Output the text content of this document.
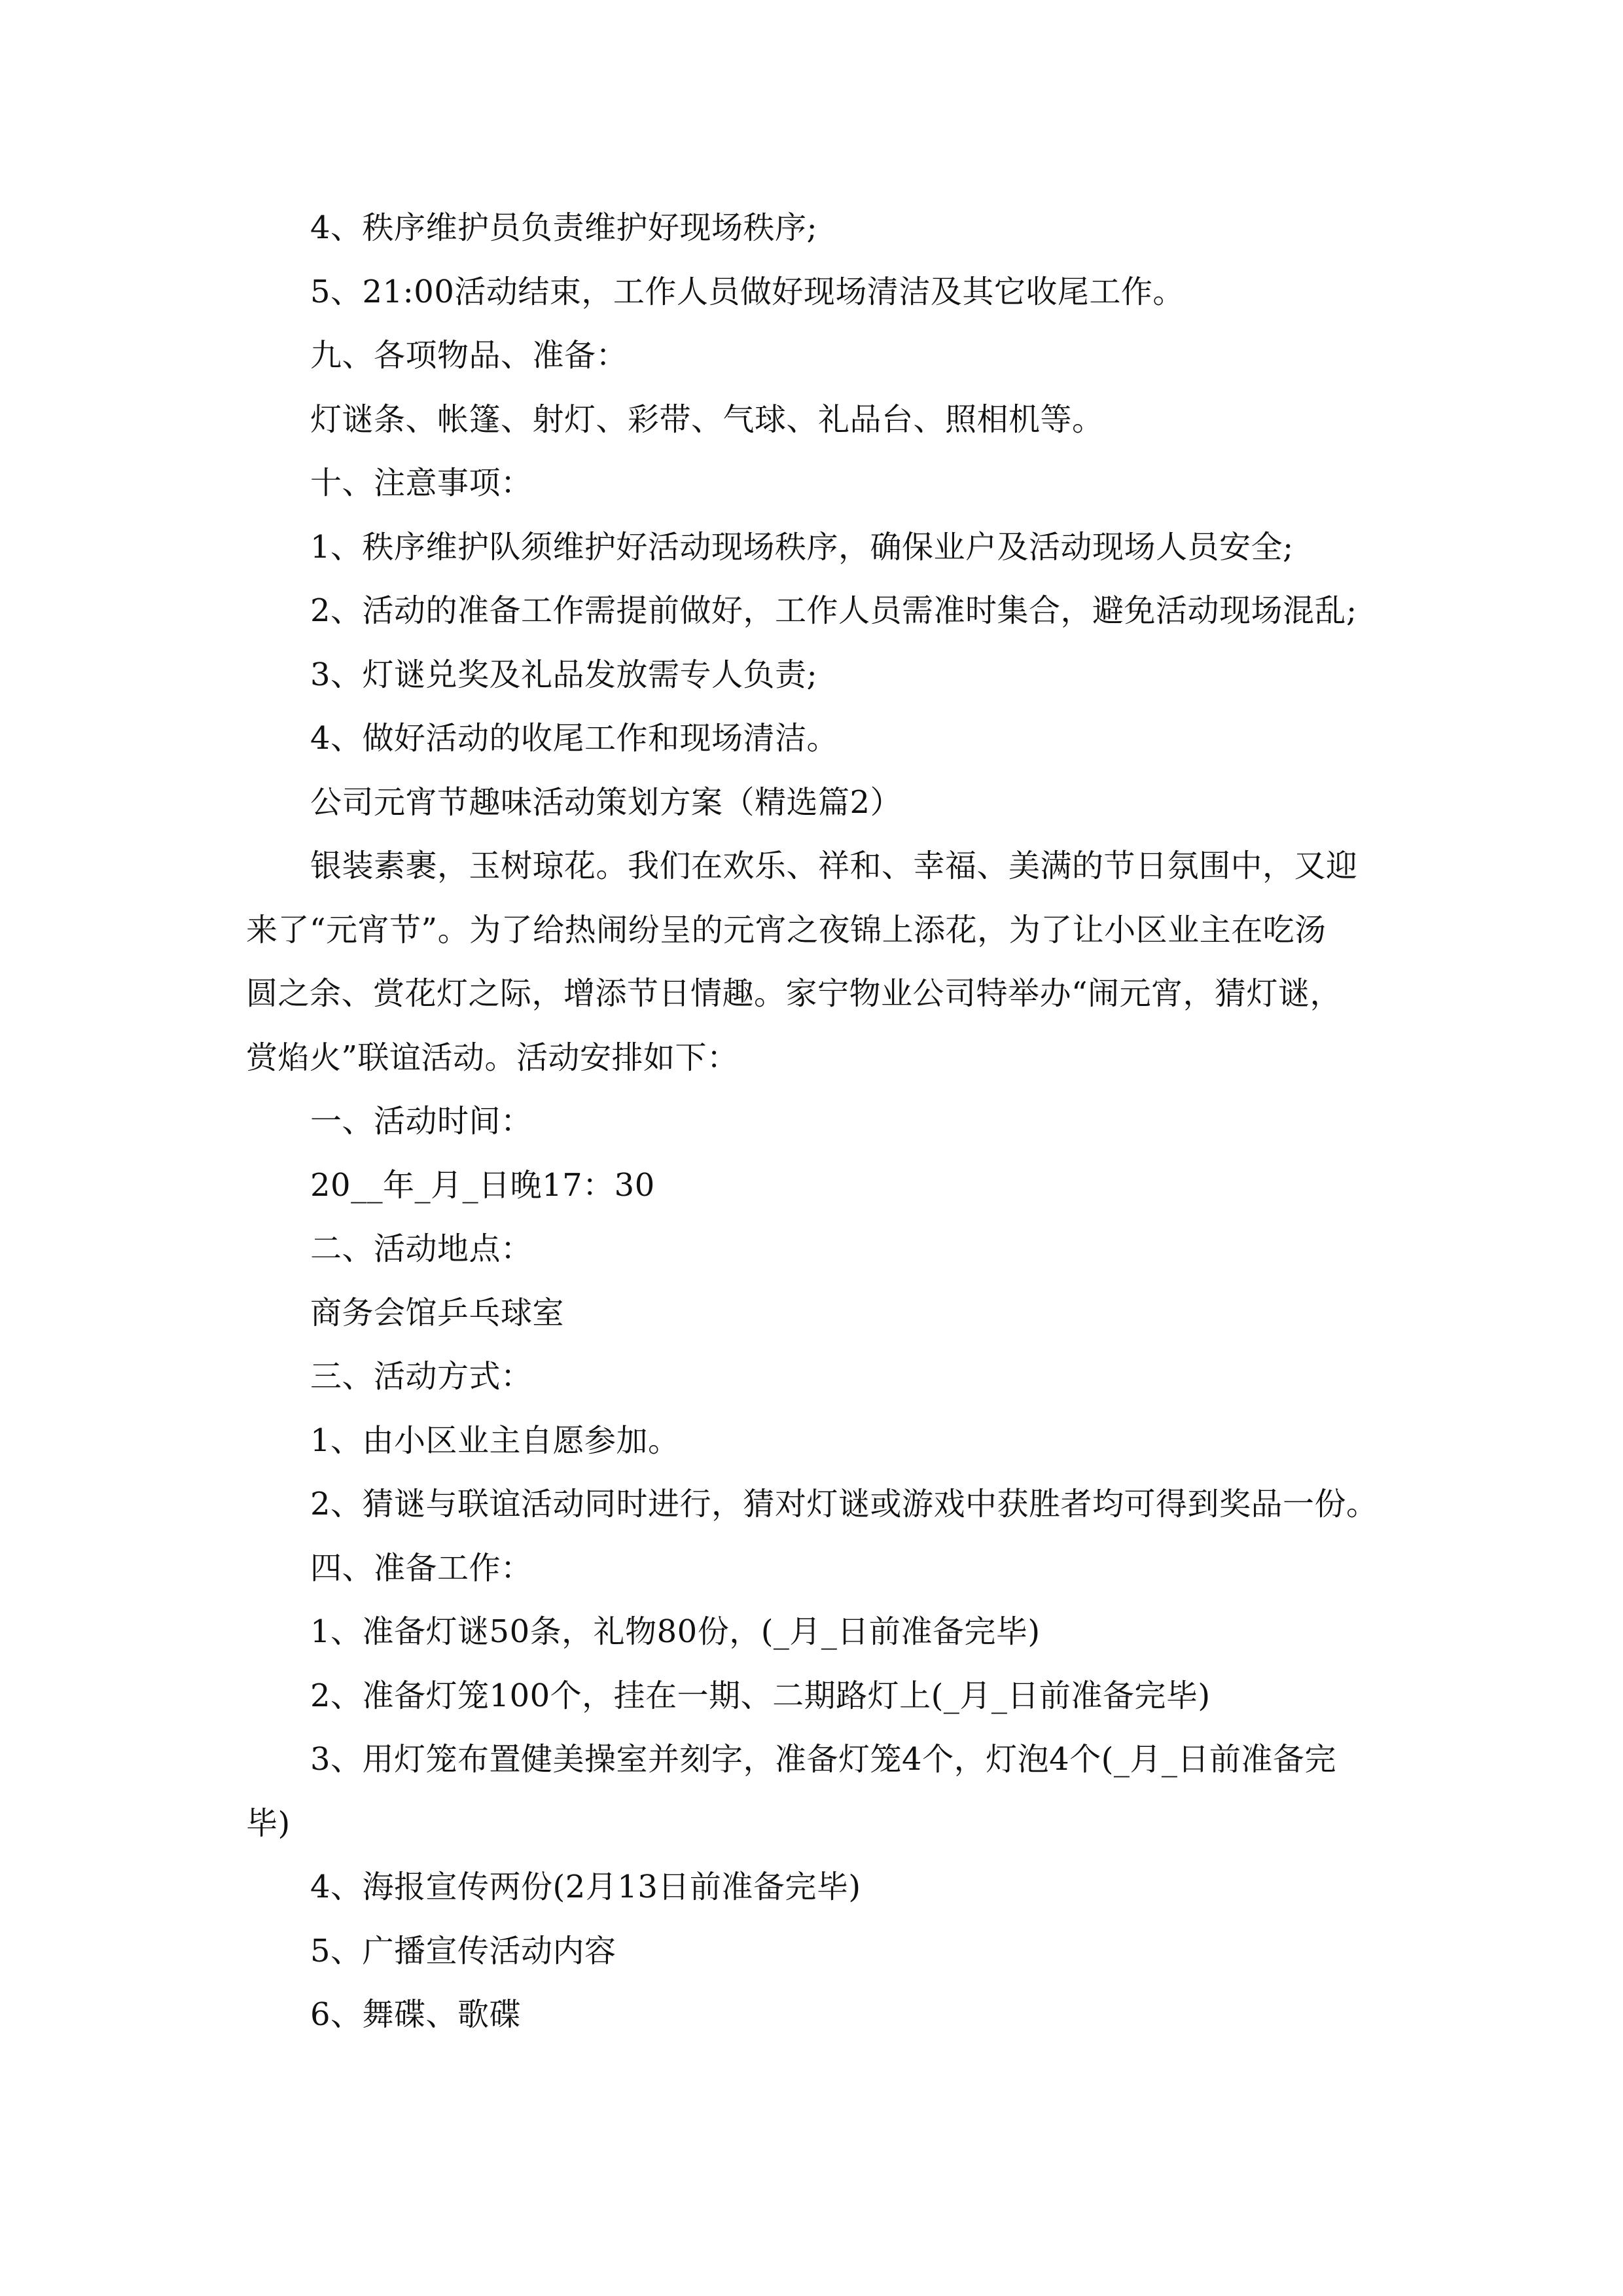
4、秩序维护员负责维护好现场秩序;
5、21:00活动结束，工作人员做好现场清洁及其它收尾工作。
九、各项物品、准备：
灯谜条、帐篷、射灯、彩带、气球、礼品台、照相机等。
十、注意事项：
1、秩序维护队须维护好活动现场秩序，确保业户及活动现场人员安全;
2、活动的准备工作需提前做好，工作人员需准时集合，避免活动现场混乱;
3、灯谜兑奖及礼品发放需专人负责;
4、做好活动的收尾工作和现场清洁。
公司元宵节趣味活动策划方案（精选篇2）
银装素裹，玉树琼花。我们在欢乐、祥和、幸福、美满的节日氛围中，又迎
来了“元宵节”。为了给热闹纷呈的元宵之夜锦上添花，为了让小区业主在吃汤
圆之余、赏花灯之际，增添节日情趣。家宁物业公司特举办“闹元宵，猜灯谜，
赏焰火”联谊活动。活动安排如下：
一、活动时间：
20__年_月_日晚17：30
二、活动地点：
商务会馆乒乓球室
三、活动方式：
1、由小区业主自愿参加。
2、猜谜与联谊活动同时进行，猜对灯谜或游戏中获胜者均可得到奖品一份。
四、准备工作：
1、准备灯谜50条，礼物80份，(_月_日前准备完毕)
2、准备灯笼100个，挂在一期、二期路灯上(_月_日前准备完毕)
3、用灯笼布置健美操室并刻字，准备灯笼4个，灯泡4个(_月_日前准备完
毕)
4、海报宣传两份(2月13日前准备完毕)
5、广播宣传活动内容
6、舞碟、歌碟
